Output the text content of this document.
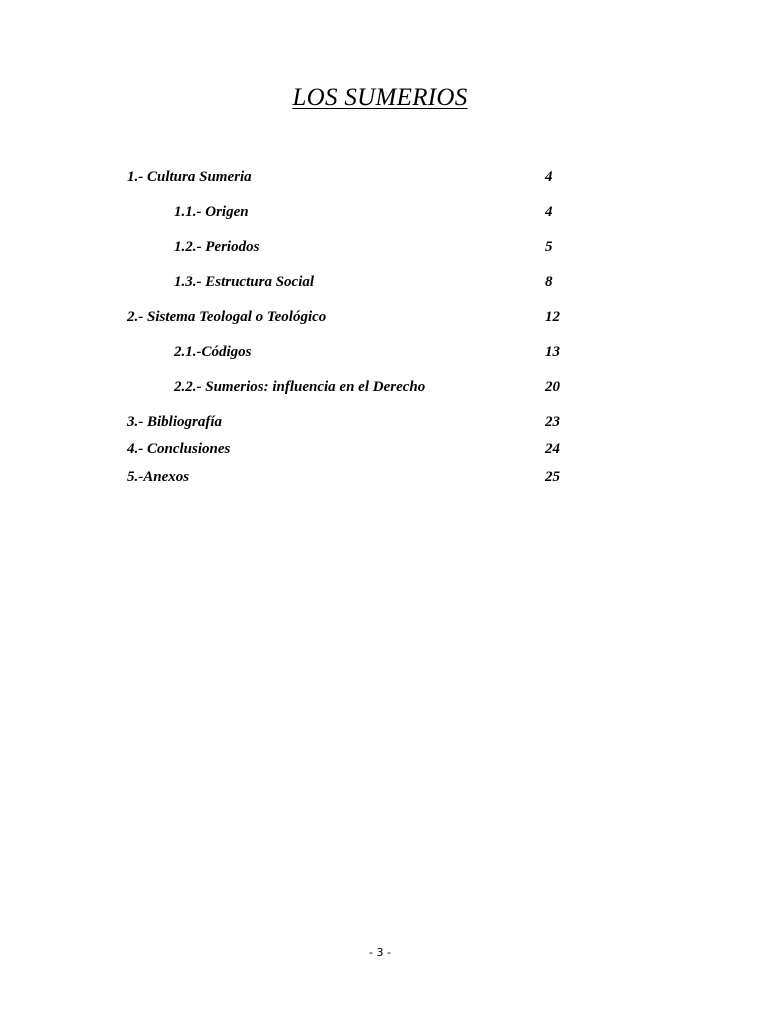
LOS SUMERIOS
1.- Cultura Sumeria	4
1.1.- Origen	4
1.2.- Periodos	5
1.3.- Estructura Social	8
2.- Sistema Teologal o Teológico	12
2.1.-Códigos	13
2.2.- Sumerios: influencia en el Derecho	20
3.- Bibliografía	23
4.- Conclusiones	24
5.-Anexos	25
- 3 -
